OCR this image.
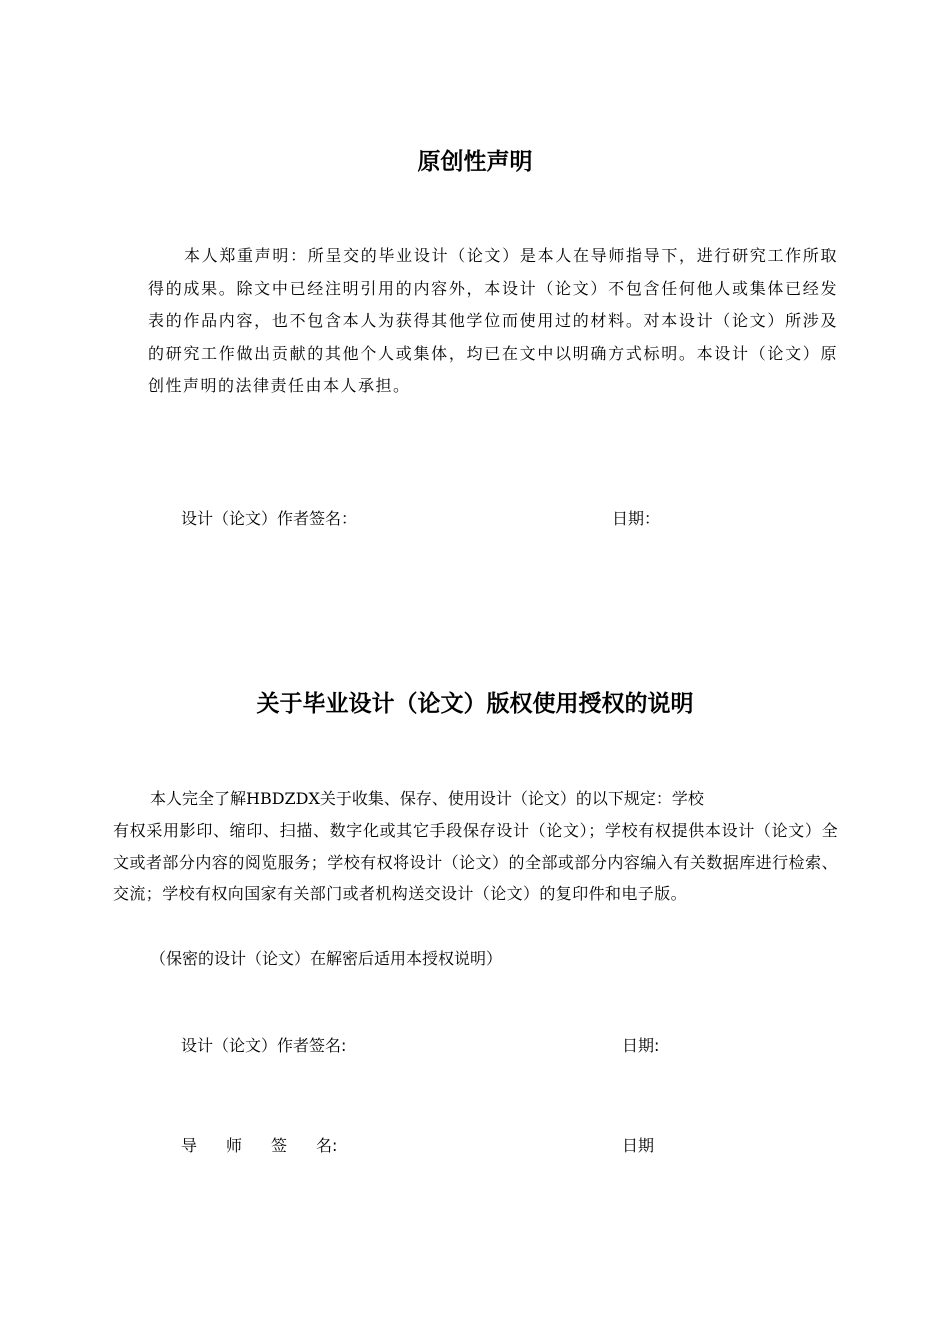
原创性声明
本人郑重声明：所呈交的毕业设计（论文）是本人在导师指导下，进行研究工作所取得的成果。除文中已经注明引用的内容外，本设计（论文）不包含任何他人或集体已经发表的作品内容，也不包含本人为获得其他学位而使用过的材料。对本设计（论文）所涉及的研究工作做出贡献的其他个人或集体，均已在文中以明确方式标明。本设计（论文）原创性声明的法律责任由本人承担。
设计（论文）作者签名：	日期：
关于毕业设计（论文）版权使用授权的说明
本人完全了解HBDZDX关于收集、保存、使用设计（论文）的以下规定：学校
有权采用影印、缩印、扫描、数字化或其它手段保存设计（论文）；学校有权提供本设计（论文）全文或者部分内容的阅览服务；学校有权将设计（论文）的全部或部分内容编入有关数据库进行检索、交流；学校有权向国家有关部门或者机构送交设计（论文）的复印件和电子版。
（保密的设计（论文）在解密后适用本授权说明）
设计（论文）作者签名:	日期:
导 师 签 名:	日期
